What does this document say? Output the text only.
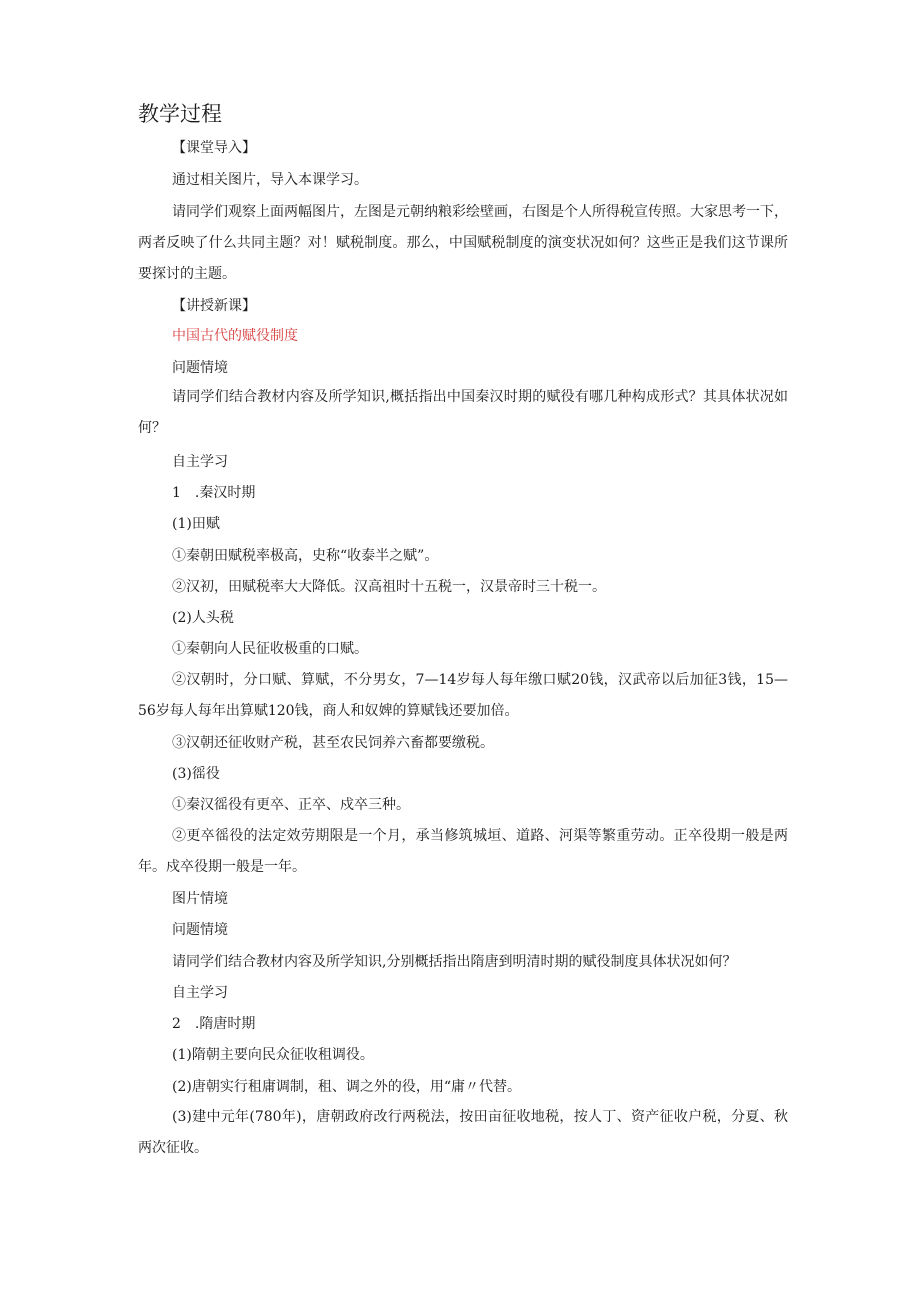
教学过程
【课堂导入】
通过相关图片，导入本课学习。
请同学们观察上面两幅图片，左图是元朝纳粮彩绘壁画，右图是个人所得税宣传照。大家思考一下，两者反映了什么共同主题？对！赋税制度。那么，中国赋税制度的演变状况如何？这些正是我们这节课所要探讨的主题。
【讲授新课】
中国古代的赋役制度
问题情境
请同学们结合教材内容及所学知识,概括指出中国秦汉时期的赋役有哪几种构成形式？其具体状况如何？
自主学习
1　.秦汉时期
(1)田赋
①秦朝田赋税率极高，史称“收泰半之赋”。
②汉初，田赋税率大大降低。汉高祖时十五税一，汉景帝时三十税一。
(2)人头税
①秦朝向人民征收极重的口赋。
②汉朝时，分口赋、算赋，不分男女，7—14岁每人每年缴口赋20钱，汉武帝以后加征3钱，15—56岁每人每年出算赋120钱，商人和奴婢的算赋钱还要加倍。
③汉朝还征收财产税，甚至农民饲养六畜都要缴税。
(3)徭役
①秦汉徭役有更卒、正卒、戍卒三种。
②更卒徭役的法定效劳期限是一个月，承当修筑城垣、道路、河渠等繁重劳动。正卒役期一般是两年。戍卒役期一般是一年。
图片情境
问题情境
请同学们结合教材内容及所学知识,分别概括指出隋唐到明清时期的赋役制度具体状况如何？
自主学习
2　.隋唐时期
(1)隋朝主要向民众征收租调役。
(2)唐朝实行租庸调制，租、调之外的役，用“庸〃代替。
(3)建中元年(780年)，唐朝政府改行两税法，按田亩征收地税，按人丁、资产征收户税，分夏、秋两次征收。
